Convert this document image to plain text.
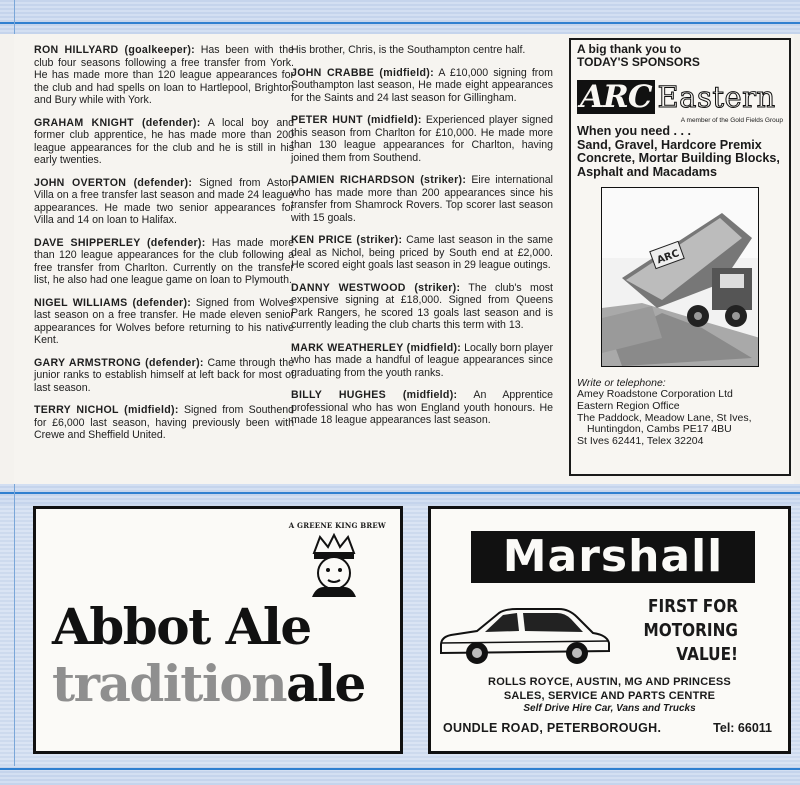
RON HILLYARD (goalkeeper): Has been with the club four seasons following a free transfer from York. He has made more than 120 league appearances for the club and had spells on loan to Hartlepool, Brighton and Bury while with York.
GRAHAM KNIGHT (defender): A local boy and former club apprentice, he has made more than 200 league appearances for the club and he is still in his early twenties.
JOHN OVERTON (defender): Signed from Aston Villa on a free transfer last season and made 24 league appearances. He made two senior appearances for Villa and 14 on loan to Halifax.
DAVE SHIPPERLEY (defender): Has made more than 120 league appearances for the club following a free transfer from Charlton. Currently on the transfer list, he also had one league game on loan to Plymouth.
NIGEL WILLIAMS (defender): Signed from Wolves last season on a free transfer. He made eleven senior appearances for Wolves before returning to his native Kent.
GARY ARMSTRONG (defender): Came through the junior ranks to establish himself at left back for most of last season.
TERRY NICHOL (midfield): Signed from Southend for £6,000 last season, having previously been with Crewe and Sheffield United.
His brother, Chris, is the Southampton centre half.
JOHN CRABBE (midfield): A £10,000 signing from Southampton last season, He made eight appearances for the Saints and 24 last season for Gillingham.
PETER HUNT (midfield): Experienced player signed this season from Charlton for £10,000. He made more than 130 league appearances for Charlton, having joined them from Southend.
DAMIEN RICHARDSON (striker): Eire international who has made more than 200 appearances since his transfer from Shamrock Rovers. Top scorer last season with 15 goals.
KEN PRICE (striker): Came last season in the same deal as Nichol, being priced by South end at £2,000. He scored eight goals last season in 29 league outings.
DANNY WESTWOOD (striker): The club's most expensive signing at £18,000. Signed from Queens Park Rangers, he scored 13 goals last season and is currently leading the club charts this term with 13.
MARK WEATHERLEY (midfield): Locally born player who has made a handful of league appearances since graduating from the youth ranks.
BILLY HUGHES (midfield): An Apprentice professional who has won England youth honours. He made 18 league appearances last season.
A big thank you to
TODAY'S SPONSORS
ARC Eastern
A member of the Gold Fields Group
When you need . . .
Sand, Gravel, Hardcore Premix Concrete, Mortar Building Blocks, Asphalt and Macadams
ARC
Write or telephone:
Amey Roadstone Corporation Ltd
Eastern Region Office
The Paddock, Meadow Lane, St Ives,
Huntingdon, Cambs PE17 4BU
St Ives 62441, Telex 32204
A GREENE KING BREW
Abbot Ale
traditionale
Marshall
FIRST FOR
MOTORING
VALUE!
ROLLS ROYCE, AUSTIN, MG AND PRINCESS
SALES, SERVICE AND PARTS CENTRE
Self Drive Hire Car, Vans and Trucks
OUNDLE ROAD, PETERBOROUGH.	Tel: 66011
